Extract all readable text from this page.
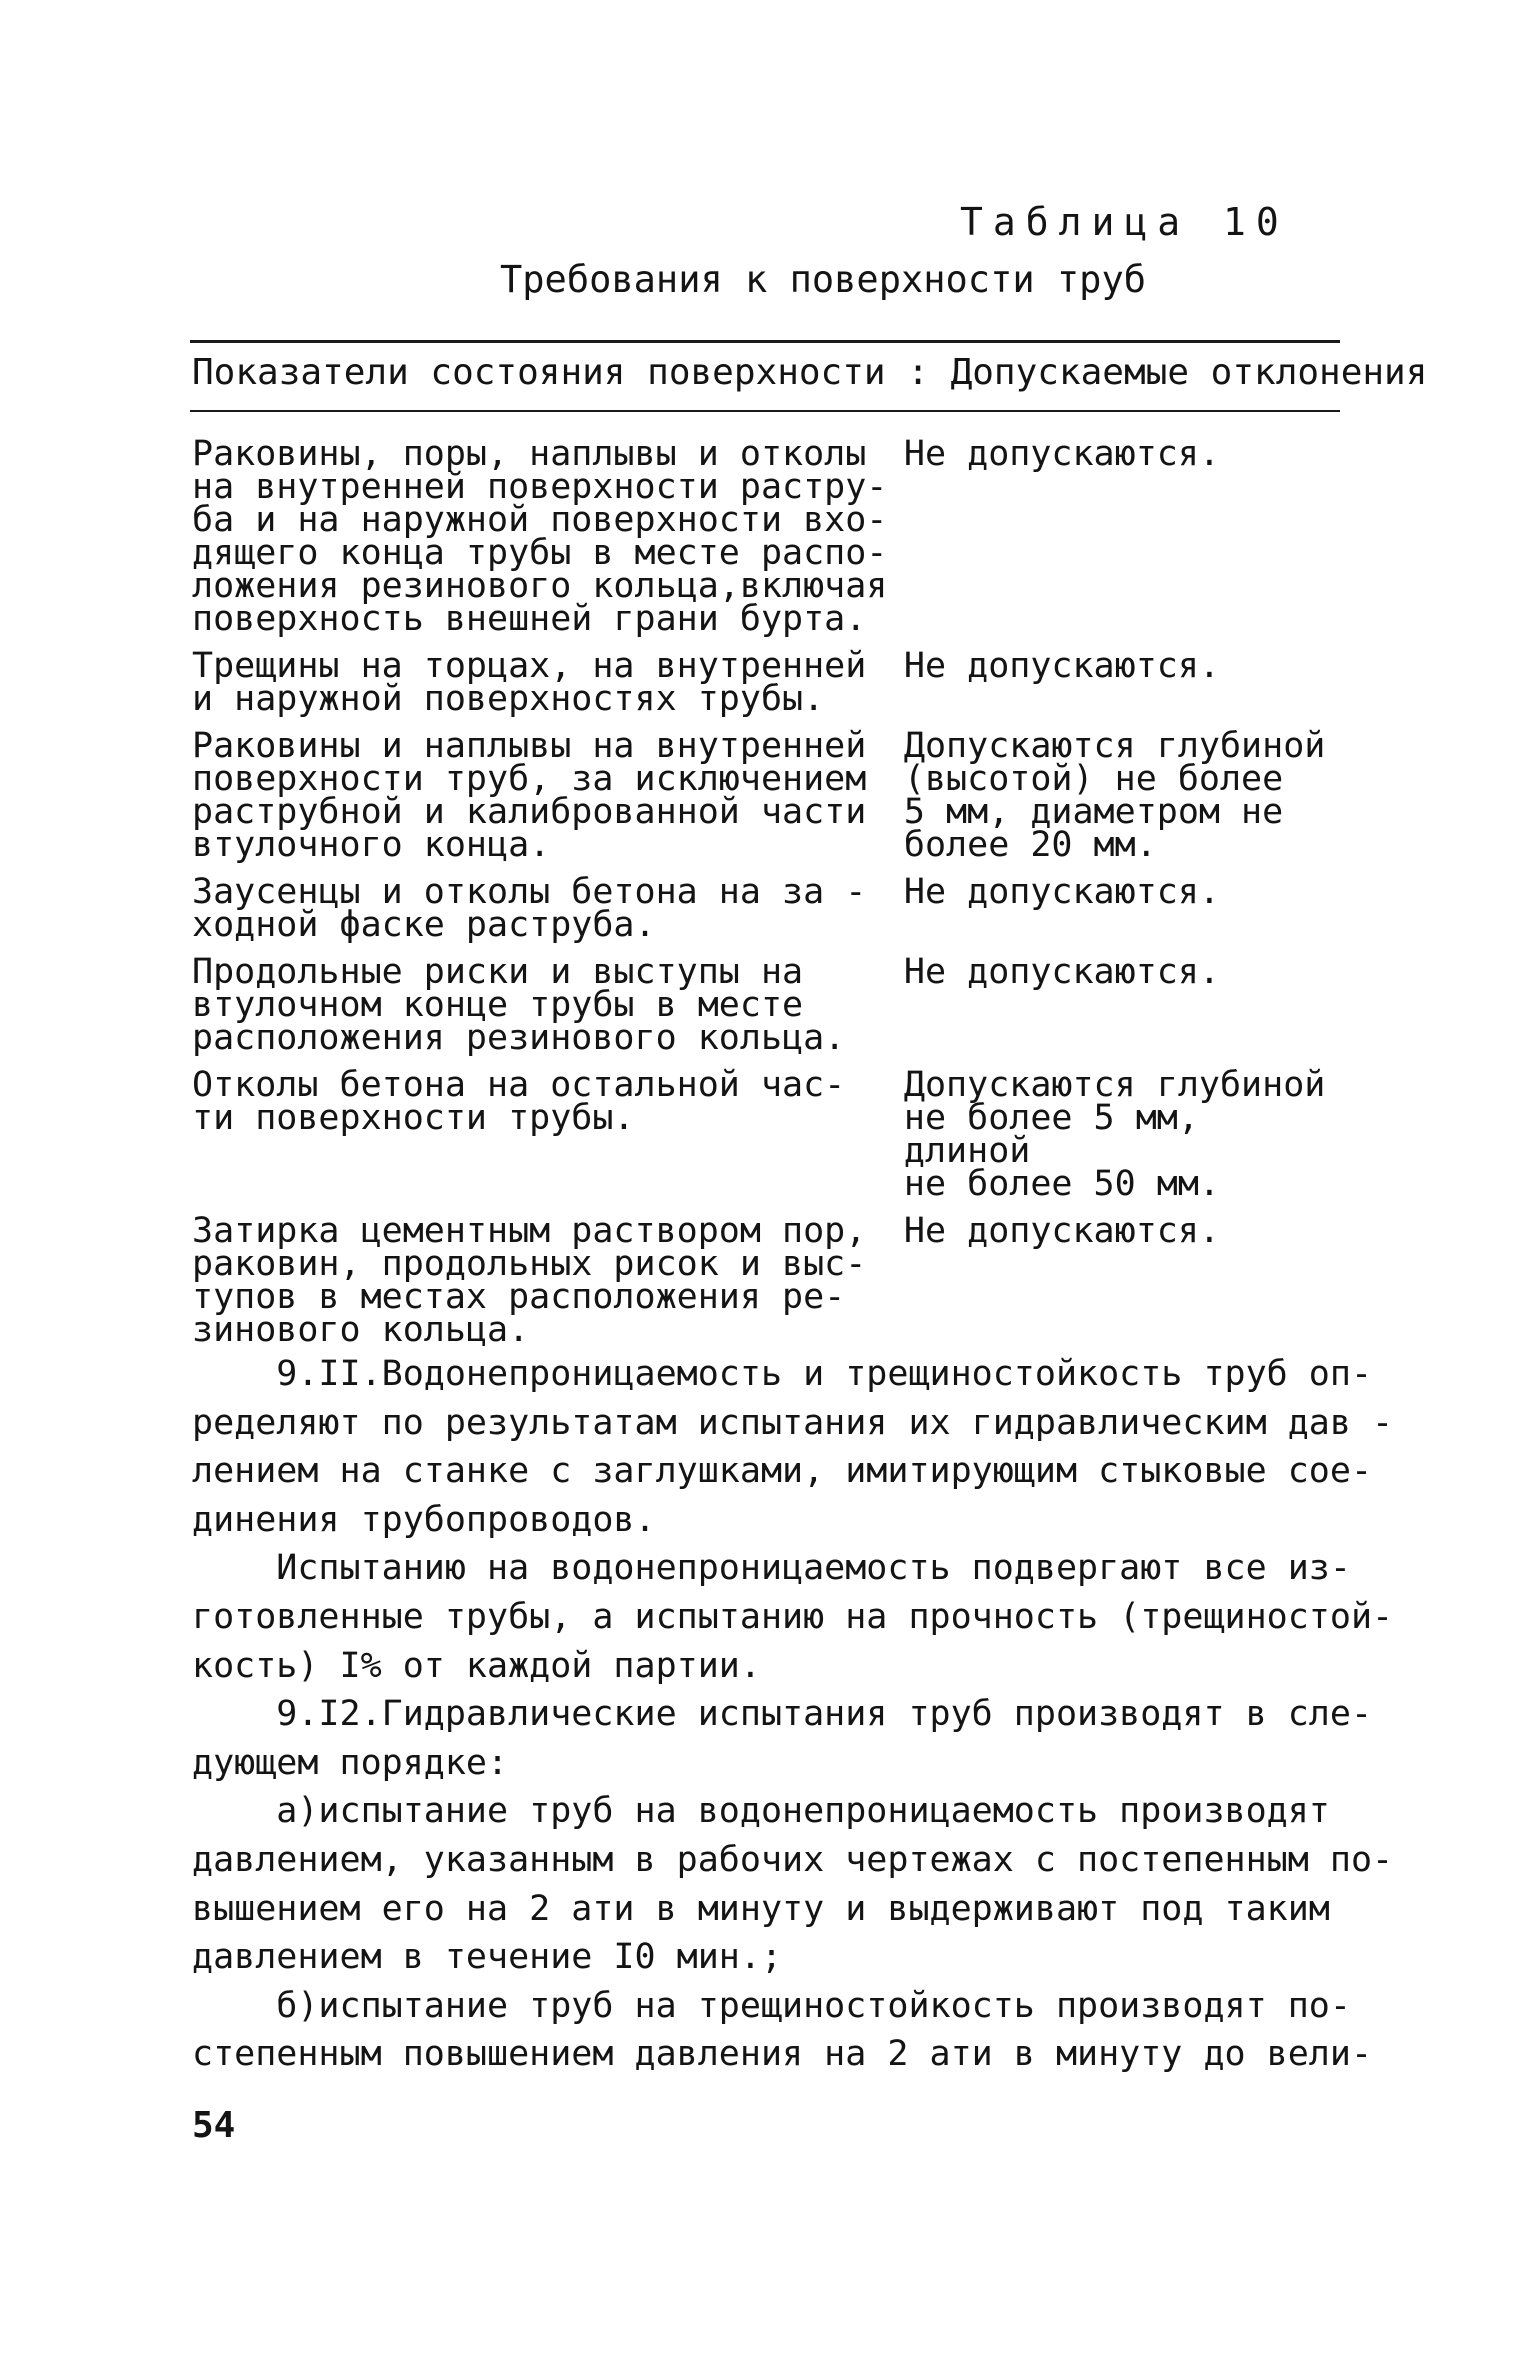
Таблица 10
Требования к поверхности труб
Показатели состояния поверхности : Допускаемые отклонения
Раковины, поры, наплывы и отколы
на внутренней поверхности растру-
ба и на наружной поверхности вхо-
дящего конца трубы в месте распо-
ложения резинового кольца,включая
поверхность внешней грани бурта.
Не допускаются.
Трещины на торцах, на внутренней
и наружной поверхностях трубы.
Не допускаются.
Раковины и наплывы на внутренней
поверхности труб, за исключением
раструбной и калиброванной части
втулочного конца.
Допускаются глубиной
(высотой) не более
5 мм, диаметром не
более 20 мм.
Заусенцы и отколы бетона на за -
ходной фаске раструба.
Не допускаются.
Продольные риски и выступы на
втулочном конце трубы в месте
расположения резинового кольца.
Не допускаются.
Отколы бетона на остальной час-
ти поверхности трубы.
Допускаются глубиной
не более 5 мм, длиной
не более 50 мм.
Затирка цементным раствором пор,
раковин, продольных рисок и выс-
тупов в местах расположения ре-
зинового кольца.
Не допускаются.
9.II.Водонепроницаемость и трещиностойкость труб оп-
ределяют по результатам испытания их гидравлическим дав -
лением на станке с заглушками, имитирующим стыковые сое-
динения трубопроводов.
Испытанию на водонепроницаемость подвергают все из-
готовленные трубы, а испытанию на прочность (трещиностой-
кость) I% от каждой партии.
9.I2.Гидравлические испытания труб производят в сле-
дующем порядке:
а)испытание труб на водонепроницаемость производят
давлением, указанным в рабочих чертежах с постепенным по-
вышением его на 2 ати в минуту и выдерживают под таким
давлением в течение I0 мин.;
б)испытание труб на трещиностойкость производят по-
степенным повышением давления на 2 ати в минуту до вели-
54
